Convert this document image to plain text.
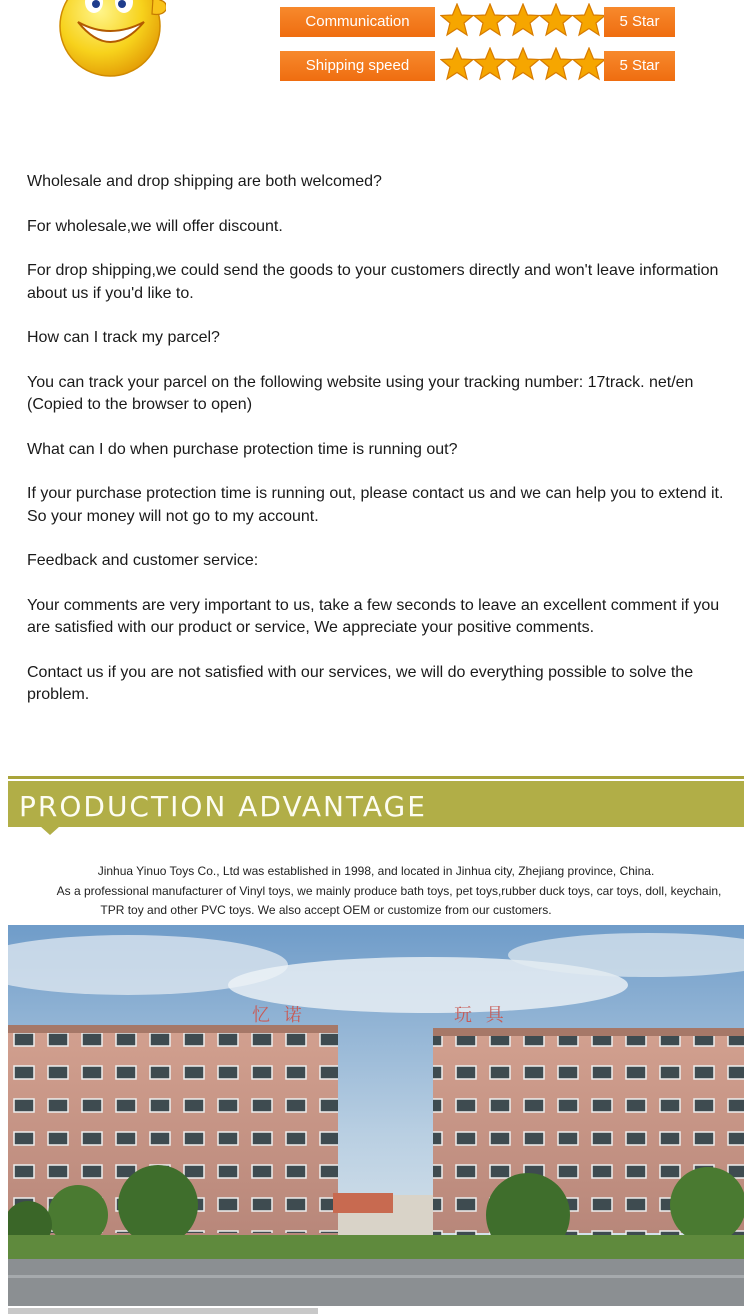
Communication	5 Star
Shipping speed	5 Star

Wholesale and drop shipping are both welcomed?

For wholesale,we will offer discount.

For drop shipping,we could send the goods to your customers directly and won't leave information about us if you'd like to.

How can I track my parcel?

You can track your parcel on the following website using your tracking number: 17track. net/en (Copied to the browser to open)

What can I do when purchase protection time is running out?

If your purchase protection time is running out, please contact us and we can help you to extend it. So your money will not go to my account.

Feedback and customer service:

Your comments are very important to us, take a few seconds to leave an excellent comment if you are satisfied with our product or service, We appreciate your positive comments.

Contact us if you are not satisfied with our services, we will do everything possible to solve the problem.

PRODUCTION ADVANTAGE
Jinhua Yinuo Toys Co., Ltd was established in 1998, and located in Jinhua city, Zhejiang province, China.
As a professional manufacturer of Vinyl toys, we mainly produce bath toys, pet toys,rubber duck toys, car toys, doll, keychain,
TPR toy and other PVC toys. We also accept OEM or customize from our customers.
忆 诺	玩 具
